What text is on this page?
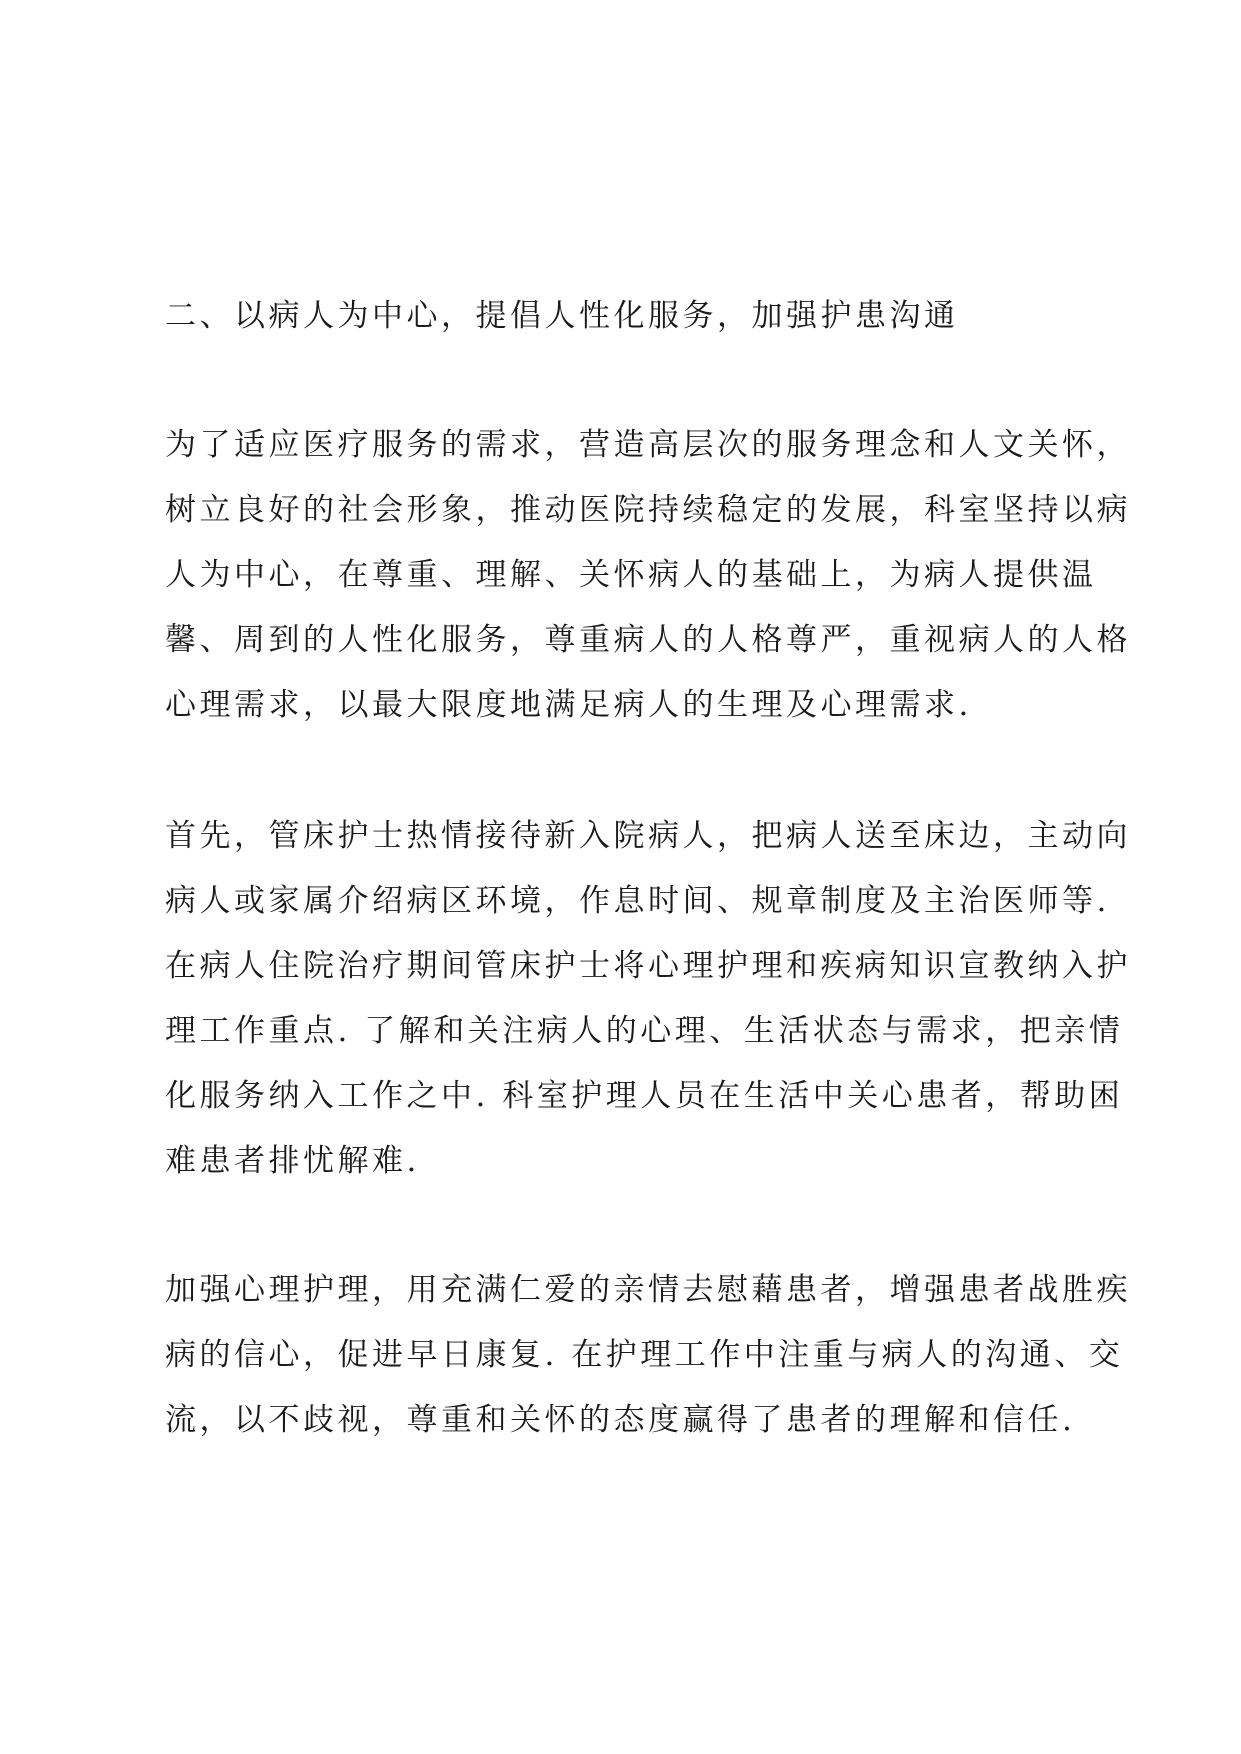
二、以病人为中心，提倡人性化服务，加强护患沟通
为了适应医疗服务的需求，营造高层次的服务理念和人文关怀，
树立良好的社会形象，推动医院持续稳定的发展，科室坚持以病
人为中心，在尊重、理解、关怀病人的基础上，为病人提供温
馨、周到的人性化服务，尊重病人的人格尊严，重视病人的人格
心理需求，以最大限度地满足病人的生理及心理需求.
首先，管床护士热情接待新入院病人，把病人送至床边，主动向
病人或家属介绍病区环境，作息时间、规章制度及主治医师等.
在病人住院治疗期间管床护士将心理护理和疾病知识宣教纳入护
理工作重点. 了解和关注病人的心理、生活状态与需求，把亲情
化服务纳入工作之中. 科室护理人员在生活中关心患者，帮助困
难患者排忧解难.
加强心理护理，用充满仁爱的亲情去慰藉患者，增强患者战胜疾
病的信心，促进早日康复. 在护理工作中注重与病人的沟通、交
流，以不歧视，尊重和关怀的态度赢得了患者的理解和信任.
